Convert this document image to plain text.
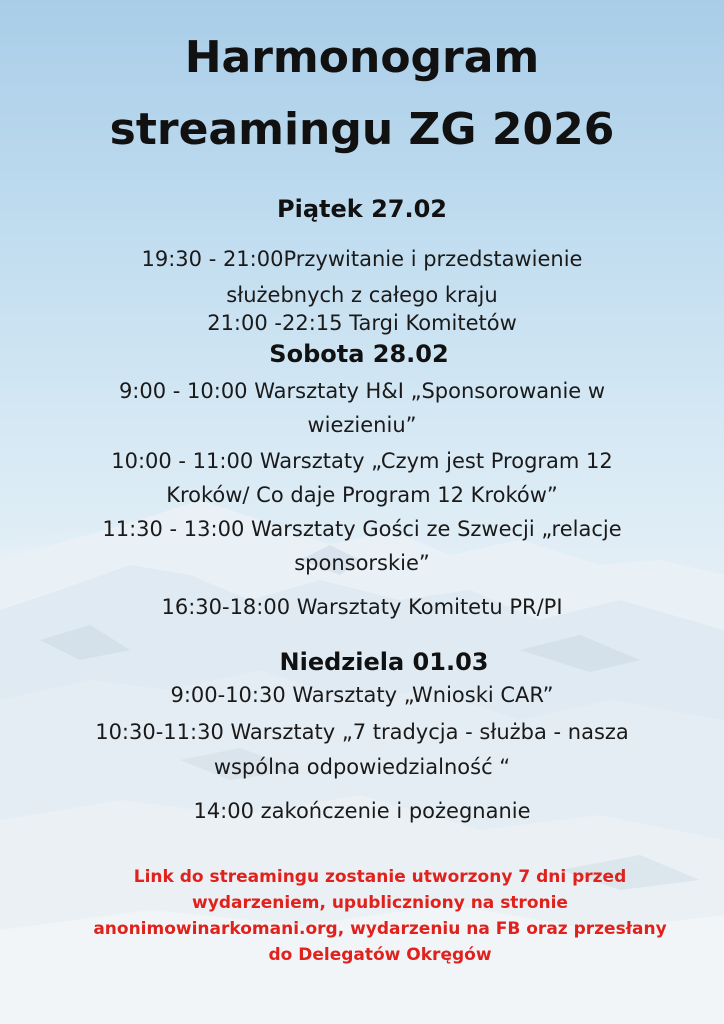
Harmonogram
streamingu ZG 2026
Piątek 27.02

19:30 - 21:00Przywitanie i przedstawienie

służebnych z całego kraju

21:00 -22:15 Targi Komitetów

Sobota 28.02

9:00 - 10:00 Warsztaty H&I „Sponsorowanie w

wiezieniu”

10:00 - 11:00 Warsztaty „Czym jest Program 12

Kroków/ Co daje Program 12 Kroków”

11:30 - 13:00 Warsztaty Gości ze Szwecji „relacje

sponsorskie”

16:30-18:00 Warsztaty Komitetu PR/PI

Niedziela 01.03

9:00-10:30 Warsztaty „Wnioski CAR”

10:30-11:30 Warsztaty „7 tradycja - służba - nasza

wspólna odpowiedzialność “

14:00 zakończenie i pożegnanie

Link do streamingu zostanie utworzony 7 dni przed
wydarzeniem, upubliczniony na stronie
anonimowinarkomani.org, wydarzeniu na FB oraz przesłany
do Delegatów Okręgów
